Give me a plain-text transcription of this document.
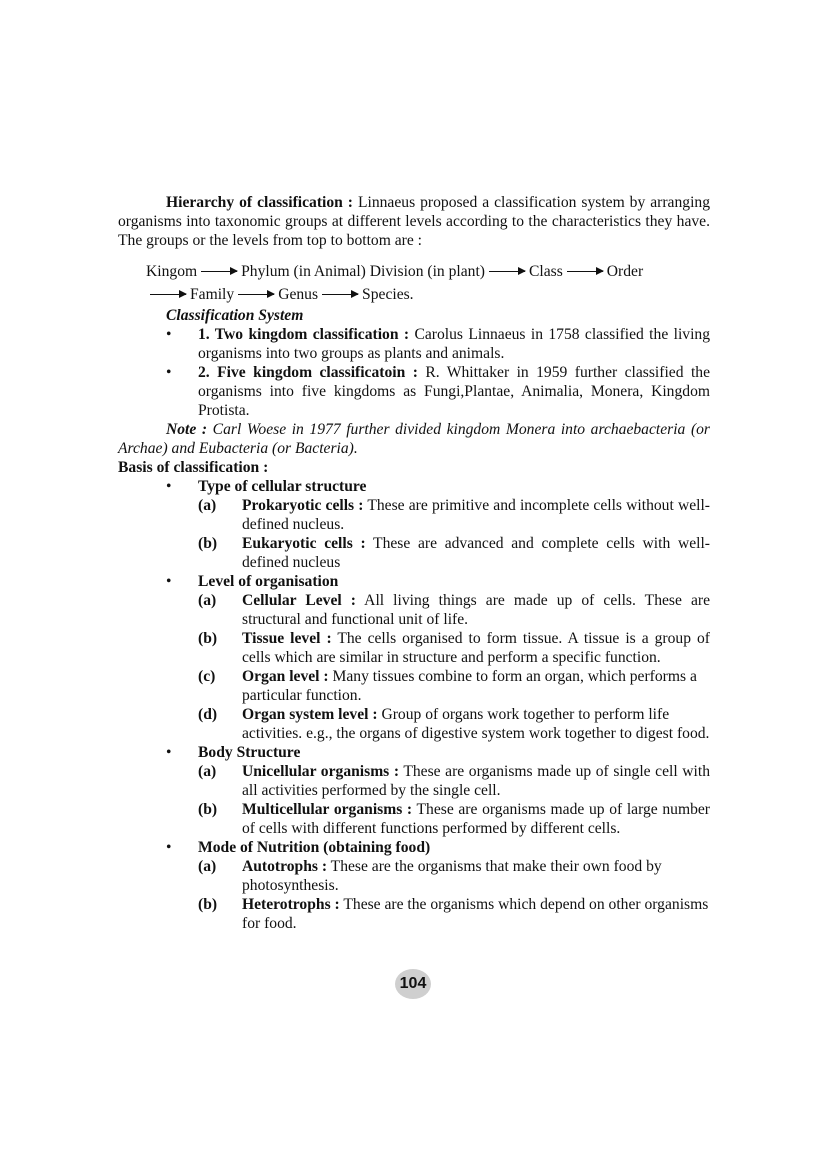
Hierarchy of classification : Linnaeus proposed a classification system by arranging organisms into taxonomic groups at different levels according to the characteristics they have. The groups or the levels from top to bottom are :

Kingom	Phylum (in Animal) Division (in plant)	Class	Order
Family	Genus	Species.

Classification System

•	1. Two kingdom classification : Carolus Linnaeus in 1758 classified the living organisms into two groups as plants and animals.

•	2. Five kingdom classificatoin : R. Whittaker in 1959 further classified the organisms into five kingdoms as Fungi,Plantae, Animalia, Monera, Kingdom Protista.

Note : Carl Woese in 1977 further divided kingdom Monera into archaebacteria (or Archae) and Eubacteria (or Bacteria).

Basis of classification :

•	Type of cellular structure

(a)	Prokaryotic cells : These are primitive and incomplete cells without well-defined nucleus.

(b)	Eukaryotic cells : These are advanced and complete cells with well-defined nucleus

•	Level of organisation

(a)	Cellular Level : All living things are made up of cells. These are structural and functional unit of life.

(b)	Tissue level : The cells organised to form tissue. A tissue is a group of cells which are similar in structure and perform a specific function.

(c)	Organ level : Many tissues combine to form an organ, which performs a particular function.

(d)	Organ system level : Group of organs work together to perform life activities. e.g., the organs of digestive system work together to digest food.

•	Body Structure

(a)	Unicellular organisms : These are organisms made up of single cell with all activities performed by the single cell.

(b)	Multicellular organisms : These are organisms made up of large number of cells with different functions performed by different cells.

•	Mode of Nutrition (obtaining food)

(a)	Autotrophs : These are the organisms that make their own food by photosynthesis.

(b)	Heterotrophs : These are the organisms which depend on other organisms for food.

104
